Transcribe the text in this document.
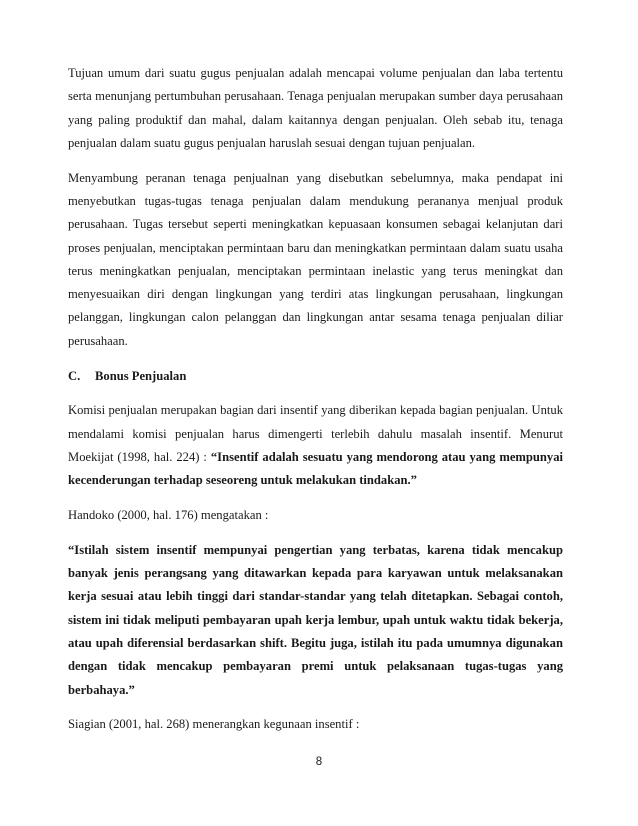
Tujuan umum dari suatu gugus penjualan adalah mencapai volume penjualan dan laba tertentu serta menunjang pertumbuhan perusahaan. Tenaga penjualan merupakan sumber daya perusahaan yang paling produktif dan mahal, dalam kaitannya dengan penjualan. Oleh sebab itu, tenaga penjualan dalam suatu gugus penjualan haruslah sesuai dengan tujuan penjualan.

Menyambung peranan tenaga penjualnan yang disebutkan sebelumnya, maka pendapat ini menyebutkan tugas-tugas tenaga penjualan dalam mendukung perananya menjual produk perusahaan. Tugas tersebut seperti meningkatkan kepuasaan konsumen sebagai kelanjutan dari proses penjualan, menciptakan permintaan baru dan meningkatkan permintaan dalam suatu usaha terus meningkatkan penjualan, menciptakan permintaan inelastic yang terus meningkat dan menyesuaikan diri dengan lingkungan yang terdiri atas lingkungan perusahaan, lingkungan pelanggan, lingkungan calon pelanggan dan lingkungan antar sesama tenaga penjualan diliar perusahaan.

C. Bonus Penjualan

Komisi penjualan merupakan bagian dari insentif yang diberikan kepada bagian penjualan. Untuk mendalami komisi penjualan harus dimengerti terlebih dahulu masalah insentif. Menurut Moekijat (1998, hal. 224) : “Insentif adalah sesuatu yang mendorong atau yang mempunyai kecenderungan terhadap seseoreng untuk melakukan tindakan.”

Handoko (2000, hal. 176) mengatakan :

“Istilah sistem insentif mempunyai pengertian yang terbatas, karena tidak mencakup banyak jenis perangsang yang ditawarkan kepada para karyawan untuk melaksanakan kerja sesuai atau lebih tinggi dari standar-standar yang telah ditetapkan. Sebagai contoh, sistem ini tidak meliputi pembayaran upah kerja lembur, upah untuk waktu tidak bekerja, atau upah diferensial berdasarkan shift. Begitu juga, istilah itu pada umumnya digunakan dengan tidak mencakup pembayaran premi untuk pelaksanaan tugas-tugas yang berbahaya.”

Siagian (2001, hal. 268) menerangkan kegunaan insentif :

8
